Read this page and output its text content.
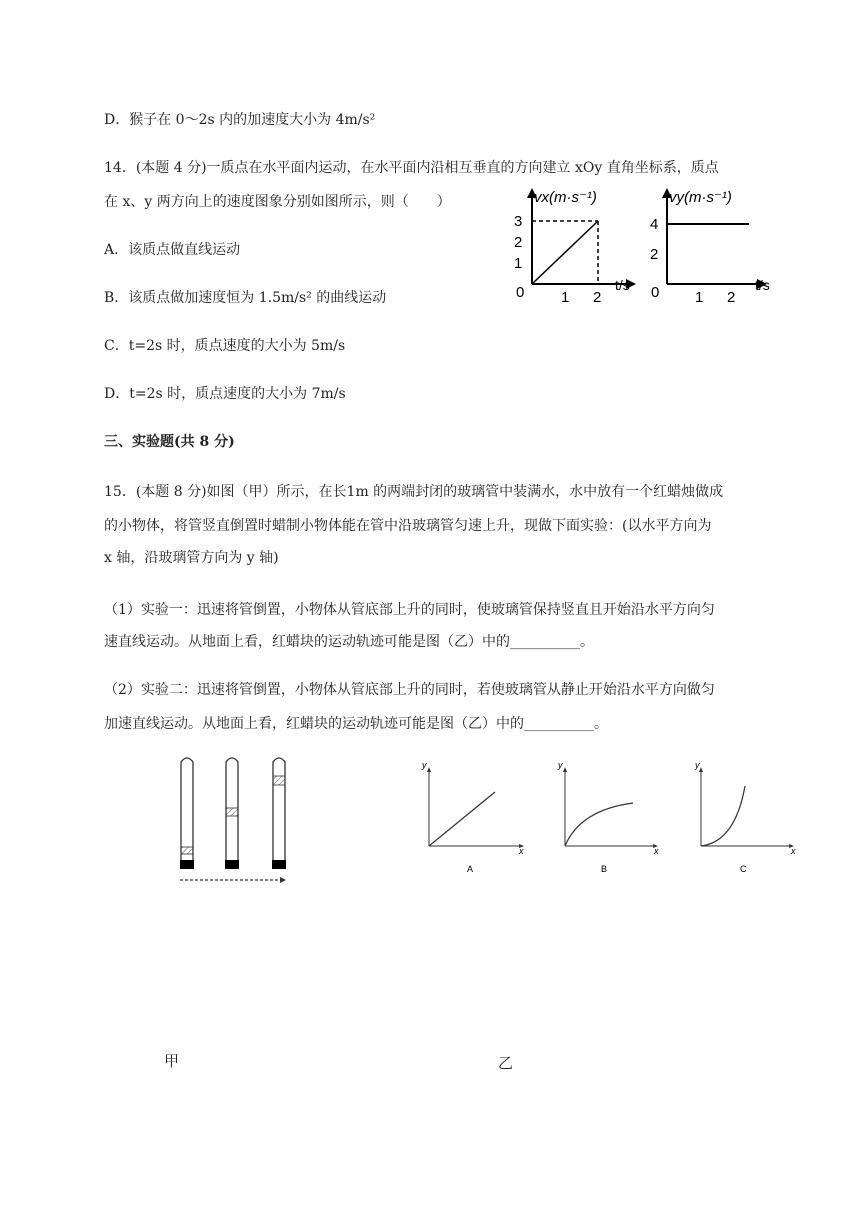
D．猴子在 0～2s 内的加速度大小为 4m/s²
14．(本题 4 分)一质点在水平面内运动，在水平面内沿相互垂直的方向建立 xOy 直角坐标系，质点
在 x、y 两方向上的速度图象分别如图所示，则（　　）
A．该质点做直线运动
B．该质点做加速度恒为 1.5m/s² 的曲线运动
C．t=2s 时，质点速度的大小为 5m/s
D．t=2s 时，质点速度的大小为 7m/s
vx(m·s⁻¹)
3
2
1
0 1 2
t/s
vy(m·s⁻¹)
4
2
0 1 2
t/s
三、实验题(共 8 分)
15．(本题 8 分)如图（甲）所示，在长1m 的两端封闭的玻璃管中装满水，水中放有一个红蜡烛做成
的小物体，将管竖直倒置时蜡制小物体能在管中沿玻璃管匀速上升，现做下面实验：(以水平方向为
x 轴，沿玻璃管方向为 y 轴)
（1）实验一：迅速将管倒置，小物体从管底部上升的同时，使玻璃管保持竖直且开始沿水平方向匀
速直线运动。从地面上看，红蜡块的运动轨迹可能是图（乙）中的__________。
（2）实验二：迅速将管倒置，小物体从管底部上升的同时，若使玻璃管从静止开始沿水平方向做匀
加速直线运动。从地面上看，红蜡块的运动轨迹可能是图（乙）中的__________。
y
x
A
y
x
B
y
x
C
甲	乙
